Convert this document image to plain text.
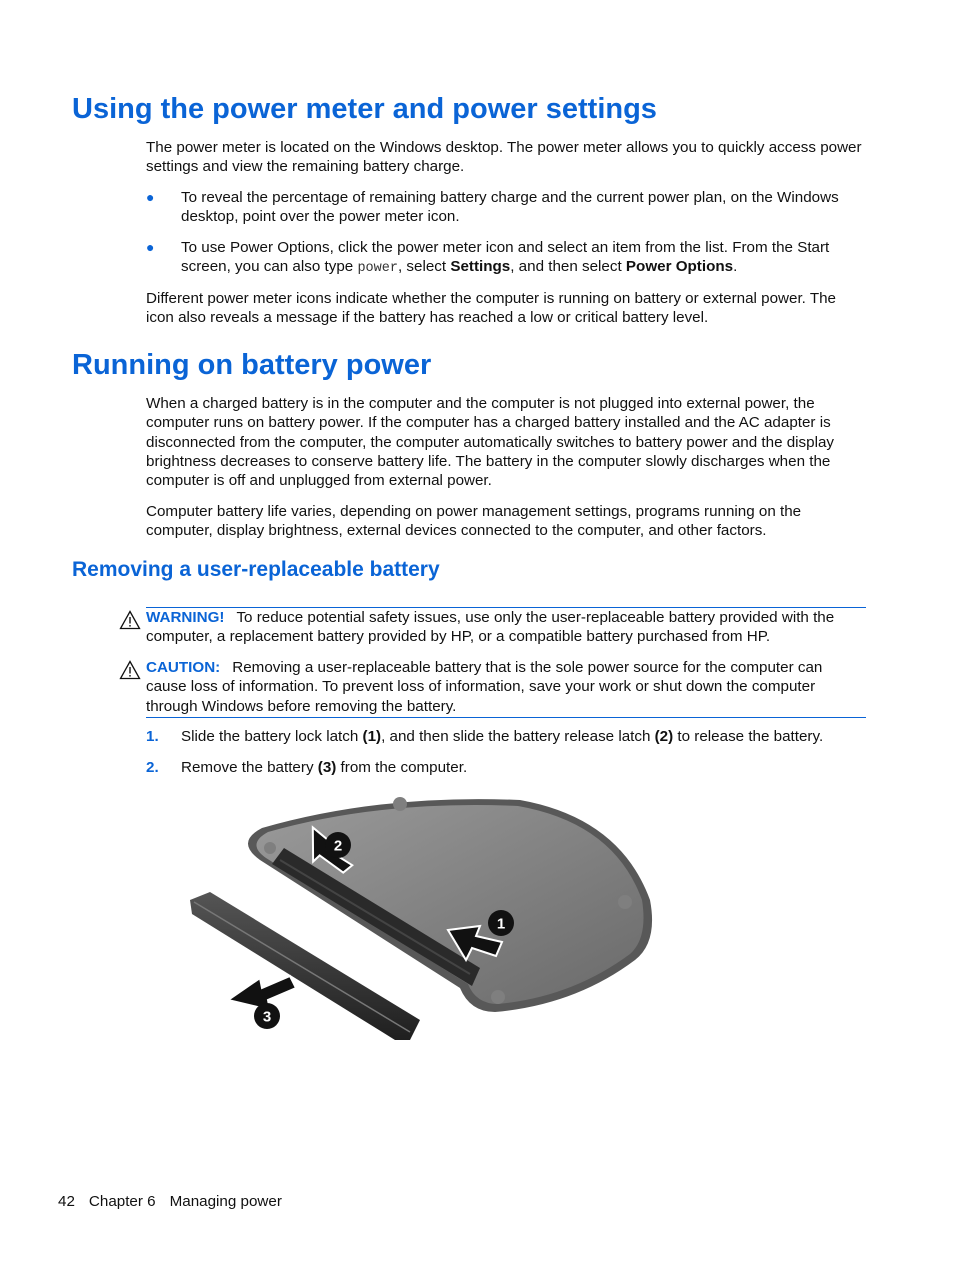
Using the power meter and power settings

The power meter is located on the Windows desktop. The power meter allows you to quickly access power settings and view the remaining battery charge.

●	To reveal the percentage of remaining battery charge and the current power plan, on the Windows desktop, point over the power meter icon.
●	To use Power Options, click the power meter icon and select an item from the list. From the Start screen, you can also type power, select Settings, and then select Power Options.

Different power meter icons indicate whether the computer is running on battery or external power. The icon also reveals a message if the battery has reached a low or critical battery level.

Running on battery power

When a charged battery is in the computer and the computer is not plugged into external power, the computer runs on battery power. If the computer has a charged battery installed and the AC adapter is disconnected from the computer, the computer automatically switches to battery power and the display brightness decreases to conserve battery life. The battery in the computer slowly discharges when the computer is off and unplugged from external power.

Computer battery life varies, depending on power management settings, programs running on the computer, display brightness, external devices connected to the computer, and other factors.

Removing a user-replaceable battery
WARNING! To reduce potential safety issues, use only the user-replaceable battery provided with the computer, a replacement battery provided by HP, or a compatible battery purchased from HP.
CAUTION: Removing a user-replaceable battery that is the sole power source for the computer can cause loss of information. To prevent loss of information, save your work or shut down the computer through Windows before removing the battery.
1. Slide the battery lock latch (1), and then slide the battery release latch (2) to release the battery.
2. Remove the battery (3) from the computer.
1
2
3
42 Chapter 6 Managing power
